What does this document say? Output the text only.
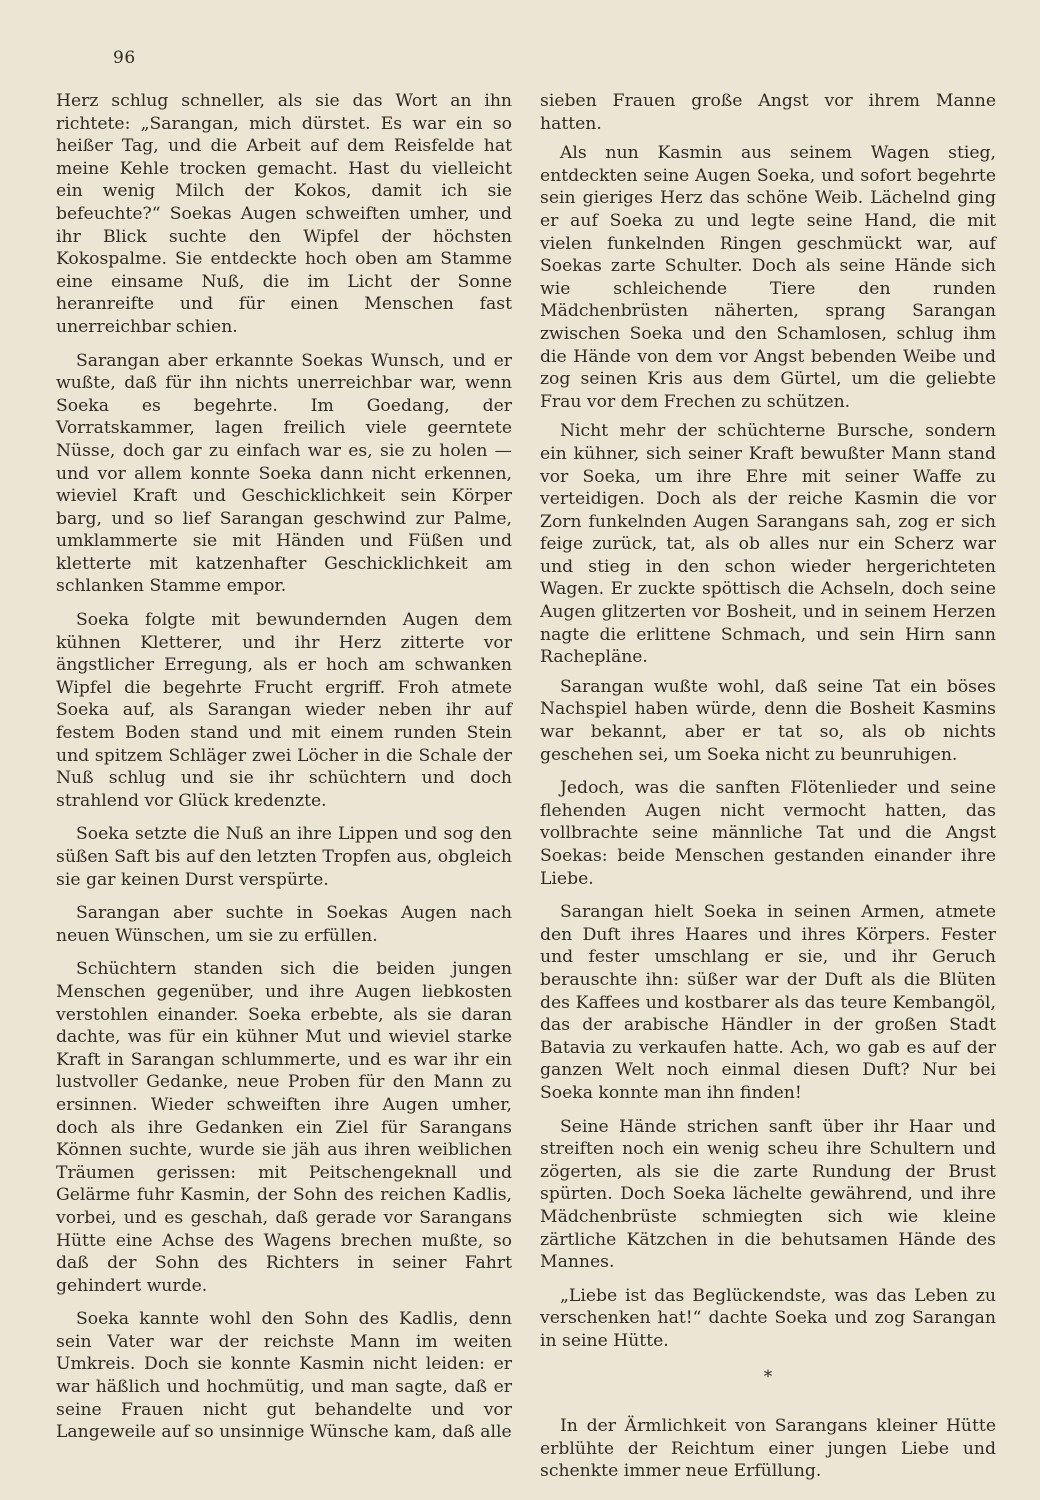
96

Herz schlug schneller, als sie das Wort an ihn richtete: „Sarangan, mich dürstet. Es war ein so heißer Tag, und die Arbeit auf dem Reisfelde hat meine Kehle trocken gemacht. Hast du vielleicht ein wenig Milch der Kokos, damit ich sie befeuchte?“ Soekas Augen schweiften umher, und ihr Blick suchte den Wipfel der höchsten Kokospalme. Sie entdeckte hoch oben am Stamme eine einsame Nuß, die im Licht der Sonne heranreifte und für einen Menschen fast unerreichbar schien.

Sarangan aber erkannte Soekas Wunsch, und er wußte, daß für ihn nichts unerreichbar war, wenn Soeka es begehrte. Im Goedang, der Vorratskammer, lagen freilich viele geerntete Nüsse, doch gar zu einfach war es, sie zu holen — und vor allem konnte Soeka dann nicht erkennen, wieviel Kraft und Geschicklichkeit sein Körper barg, und so lief Sarangan geschwind zur Palme, umklammerte sie mit Händen und Füßen und kletterte mit katzenhafter Geschicklichkeit am schlanken Stamme empor.

Soeka folgte mit bewundernden Augen dem kühnen Kletterer, und ihr Herz zitterte vor ängstlicher Erregung, als er hoch am schwanken Wipfel die begehrte Frucht ergriff. Froh atmete Soeka auf, als Sarangan wieder neben ihr auf festem Boden stand und mit einem runden Stein und spitzem Schläger zwei Löcher in die Schale der Nuß schlug und sie ihr schüchtern und doch strahlend vor Glück kredenzte.

Soeka setzte die Nuß an ihre Lippen und sog den süßen Saft bis auf den letzten Tropfen aus, obgleich sie gar keinen Durst verspürte.

Sarangan aber suchte in Soekas Augen nach neuen Wünschen, um sie zu erfüllen.

Schüchtern standen sich die beiden jungen Menschen gegenüber, und ihre Augen liebkosten verstohlen einander. Soeka erbebte, als sie daran dachte, was für ein kühner Mut und wieviel starke Kraft in Sarangan schlummerte, und es war ihr ein lustvoller Gedanke, neue Proben für den Mann zu ersinnen. Wieder schweiften ihre Augen umher, doch als ihre Gedanken ein Ziel für Sarangans Können suchte, wurde sie jäh aus ihren weiblichen Träumen gerissen: mit Peitschengeknall und Gelärme fuhr Kasmin, der Sohn des reichen Kadlis, vorbei, und es geschah, daß gerade vor Sarangans Hütte eine Achse des Wagens brechen mußte, so daß der Sohn des Richters in seiner Fahrt gehindert wurde.

Soeka kannte wohl den Sohn des Kadlis, denn sein Vater war der reichste Mann im weiten Umkreis. Doch sie konnte Kasmin nicht leiden: er war häßlich und hochmütig, und man sagte, daß er seine Frauen nicht gut behandelte und vor Langeweile auf so unsinnige Wünsche kam, daß alle

sieben Frauen große Angst vor ihrem Manne hatten.

Als nun Kasmin aus seinem Wagen stieg, entdeckten seine Augen Soeka, und sofort begehrte sein gieriges Herz das schöne Weib. Lächelnd ging er auf Soeka zu und legte seine Hand, die mit vielen funkelnden Ringen geschmückt war, auf Soekas zarte Schulter. Doch als seine Hände sich wie schleichende Tiere den runden Mädchenbrüsten näherten, sprang Sarangan zwischen Soeka und den Schamlosen, schlug ihm die Hände von dem vor Angst bebenden Weibe und zog seinen Kris aus dem Gürtel, um die geliebte Frau vor dem Frechen zu schützen.

Nicht mehr der schüchterne Bursche, sondern ein kühner, sich seiner Kraft bewußter Mann stand vor Soeka, um ihre Ehre mit seiner Waffe zu verteidigen. Doch als der reiche Kasmin die vor Zorn funkelnden Augen Sarangans sah, zog er sich feige zurück, tat, als ob alles nur ein Scherz war und stieg in den schon wieder hergerichteten Wagen. Er zuckte spöttisch die Achseln, doch seine Augen glitzerten vor Bosheit, und in seinem Herzen nagte die erlittene Schmach, und sein Hirn sann Rachepläne.

Sarangan wußte wohl, daß seine Tat ein böses Nachspiel haben würde, denn die Bosheit Kasmins war bekannt, aber er tat so, als ob nichts geschehen sei, um Soeka nicht zu beunruhigen.

Jedoch, was die sanften Flötenlieder und seine flehenden Augen nicht vermocht hatten, das vollbrachte seine männliche Tat und die Angst Soekas: beide Menschen gestanden einander ihre Liebe.

Sarangan hielt Soeka in seinen Armen, atmete den Duft ihres Haares und ihres Körpers. Fester und fester umschlang er sie, und ihr Geruch berauschte ihn: süßer war der Duft als die Blüten des Kaffees und kostbarer als das teure Kembangöl, das der arabische Händler in der großen Stadt Batavia zu verkaufen hatte. Ach, wo gab es auf der ganzen Welt noch einmal diesen Duft? Nur bei Soeka konnte man ihn finden!

Seine Hände strichen sanft über ihr Haar und streiften noch ein wenig scheu ihre Schultern und zögerten, als sie die zarte Rundung der Brust spürten. Doch Soeka lächelte gewährend, und ihre Mädchenbrüste schmiegten sich wie kleine zärtliche Kätzchen in die behutsamen Hände des Mannes.

„Liebe ist das Beglückendste, was das Leben zu verschenken hat!“ dachte Soeka und zog Sarangan in seine Hütte.

*

In der Ärmlichkeit von Sarangans kleiner Hütte erblühte der Reichtum einer jungen Liebe und schenkte immer neue Erfüllung.
